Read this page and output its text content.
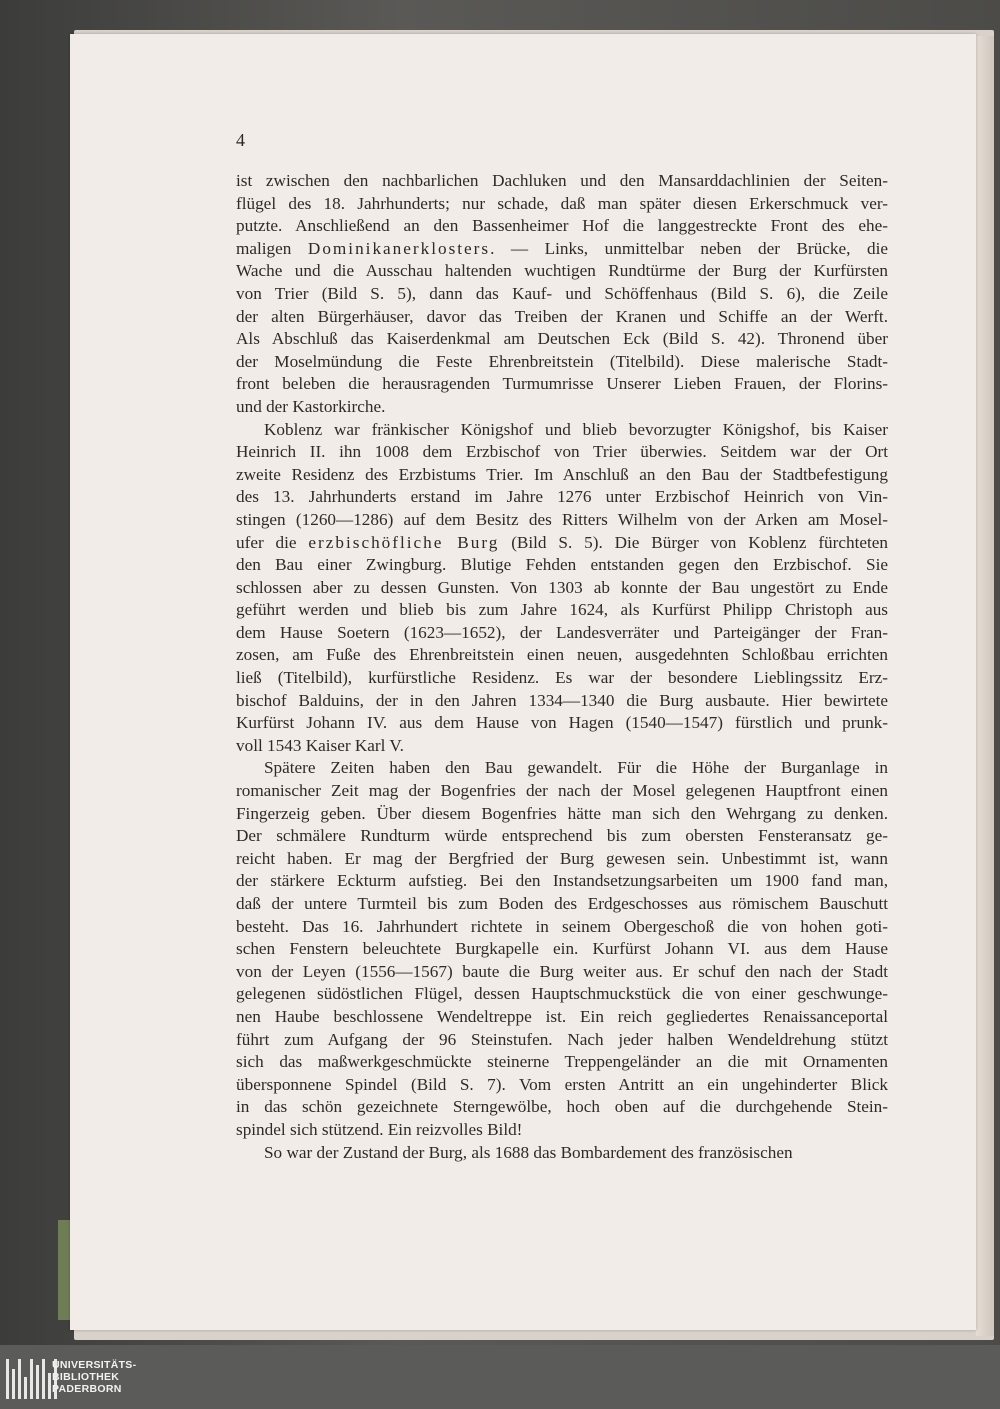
4
ist zwischen den nachbarlichen Dachluken und den Mansarddachlinien der Seiten-
flügel des 18. Jahrhunderts; nur schade, daß man später diesen Erkerschmuck ver-
putzte. Anschließend an den Bassenheimer Hof die langgestreckte Front des ehe-
maligen Dominikanerklosters. — Links, unmittelbar neben der Brücke, die
Wache und die Ausschau haltenden wuchtigen Rundtürme der Burg der Kurfürsten
von Trier (Bild S. 5), dann das Kauf- und Schöffenhaus (Bild S. 6), die Zeile
der alten Bürgerhäuser, davor das Treiben der Kranen und Schiffe an der Werft.
Als Abschluß das Kaiserdenkmal am Deutschen Eck (Bild S. 42). Thronend über
der Moselmündung die Feste Ehrenbreitstein (Titelbild). Diese malerische Stadt-
front beleben die herausragenden Turmumrisse Unserer Lieben Frauen, der Florins-
und der Kastorkirche.
Koblenz war fränkischer Königshof und blieb bevorzugter Königshof, bis Kaiser
Heinrich II. ihn 1008 dem Erzbischof von Trier überwies. Seitdem war der Ort
zweite Residenz des Erzbistums Trier. Im Anschluß an den Bau der Stadtbefestigung
des 13. Jahrhunderts erstand im Jahre 1276 unter Erzbischof Heinrich von Vin-
stingen (1260—1286) auf dem Besitz des Ritters Wilhelm von der Arken am Mosel-
ufer die erzbischöfliche Burg (Bild S. 5). Die Bürger von Koblenz fürchteten
den Bau einer Zwingburg. Blutige Fehden entstanden gegen den Erzbischof. Sie
schlossen aber zu dessen Gunsten. Von 1303 ab konnte der Bau ungestört zu Ende
geführt werden und blieb bis zum Jahre 1624, als Kurfürst Philipp Christoph aus
dem Hause Soetern (1623—1652), der Landesverräter und Parteigänger der Fran-
zosen, am Fuße des Ehrenbreitstein einen neuen, ausgedehnten Schloßbau errichten
ließ (Titelbild), kurfürstliche Residenz. Es war der besondere Lieblingssitz Erz-
bischof Balduins, der in den Jahren 1334—1340 die Burg ausbaute. Hier bewirtete
Kurfürst Johann IV. aus dem Hause von Hagen (1540—1547) fürstlich und prunk-
voll 1543 Kaiser Karl V.
Spätere Zeiten haben den Bau gewandelt. Für die Höhe der Burganlage in
romanischer Zeit mag der Bogenfries der nach der Mosel gelegenen Hauptfront einen
Fingerzeig geben. Über diesem Bogenfries hätte man sich den Wehrgang zu denken.
Der schmälere Rundturm würde entsprechend bis zum obersten Fensteransatz ge-
reicht haben. Er mag der Bergfried der Burg gewesen sein. Unbestimmt ist, wann
der stärkere Eckturm aufstieg. Bei den Instandsetzungsarbeiten um 1900 fand man,
daß der untere Turmteil bis zum Boden des Erdgeschosses aus römischem Bauschutt
besteht. Das 16. Jahrhundert richtete in seinem Obergeschoß die von hohen goti-
schen Fenstern beleuchtete Burgkapelle ein. Kurfürst Johann VI. aus dem Hause
von der Leyen (1556—1567) baute die Burg weiter aus. Er schuf den nach der Stadt
gelegenen südöstlichen Flügel, dessen Hauptschmuckstück die von einer geschwunge-
nen Haube beschlossene Wendeltreppe ist. Ein reich gegliedertes Renaissanceportal
führt zum Aufgang der 96 Steinstufen. Nach jeder halben Wendeldrehung stützt
sich das maßwerkgeschmückte steinerne Treppengeländer an die mit Ornamenten
übersponnene Spindel (Bild S. 7). Vom ersten Antritt an ein ungehinderter Blick
in das schön gezeichnete Sterngewölbe, hoch oben auf die durchgehende Stein-
spindel sich stützend. Ein reizvolles Bild!
So war der Zustand der Burg, als 1688 das Bombardement des französischen
UNIVERSITÄTS-
BIBLIOTHEK
PADERBORN
